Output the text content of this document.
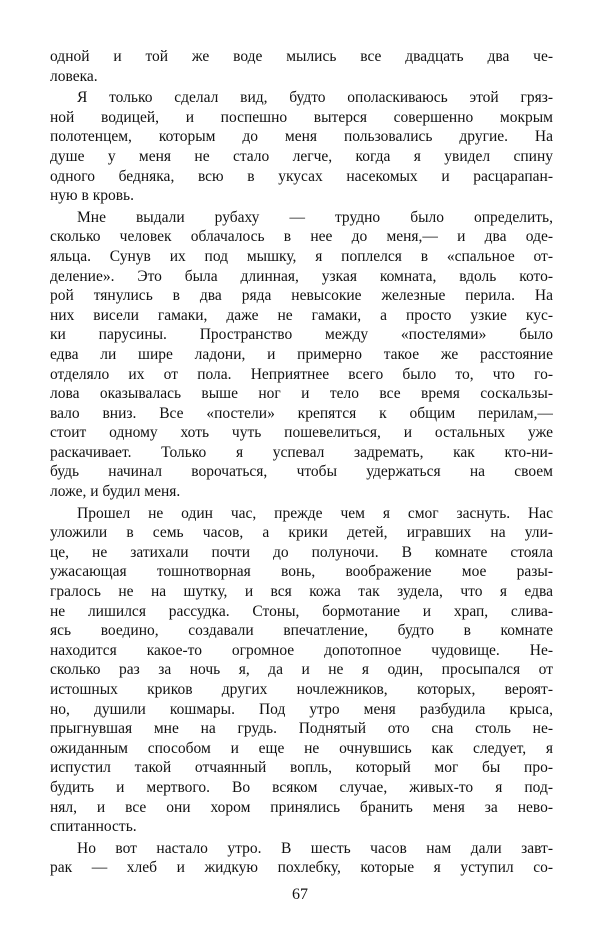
одной и той же воде мылись все двадцать два че-
ловека.
Я только сделал вид, будто ополаскиваюсь этой гряз-
ной водицей, и поспешно вытерся совершенно мокрым
полотенцем, которым до меня пользовались другие. На
душе у меня не стало легче, когда я увидел спину
одного бедняка, всю в укусах насекомых и расцарапан-
ную в кровь.
Мне выдали рубаху — трудно было определить,
сколько человек облачалось в нее до меня,— и два оде-
яльца. Сунув их под мышку, я поплелся в «спальное от-
деление». Это была длинная, узкая комната, вдоль кото-
рой тянулись в два ряда невысокие железные перила. На
них висели гамаки, даже не гамаки, а просто узкие кус-
ки парусины. Пространство между «постелями» было
едва ли шире ладони, и примерно такое же расстояние
отделяло их от пола. Неприятнее всего было то, что го-
лова оказывалась выше ног и тело все время соскальзы-
вало вниз. Все «постели» крепятся к общим перилам,—
стоит одному хоть чуть пошевелиться, и остальных уже
раскачивает. Только я успевал задремать, как кто-ни-
будь начинал ворочаться, чтобы удержаться на своем
ложе, и будил меня.
Прошел не один час, прежде чем я смог заснуть. Нас
уложили в семь часов, а крики детей, игравших на ули-
це, не затихали почти до полуночи. В комнате стояла
ужасающая тошнотворная вонь, воображение мое разы-
гралось не на шутку, и вся кожа так зудела, что я едва
не лишился рассудка. Стоны, бормотание и храп, слива-
ясь воедино, создавали впечатление, будто в комнате
находится какое-то огромное допотопное чудовище. Не-
сколько раз за ночь я, да и не я один, просыпался от
истошных криков других ночлежников, которых, вероят-
но, душили кошмары. Под утро меня разбудила крыса,
прыгнувшая мне на грудь. Поднятый ото сна столь не-
ожиданным способом и еще не очнувшись как следует, я
испустил такой отчаянный вопль, который мог бы про-
будить и мертвого. Во всяком случае, живых-то я под-
нял, и все они хором принялись бранить меня за нево-
спитанность.
Но вот настало утро. В шесть часов нам дали завт-
рак — хлеб и жидкую похлебку, которые я уступил со-
67
